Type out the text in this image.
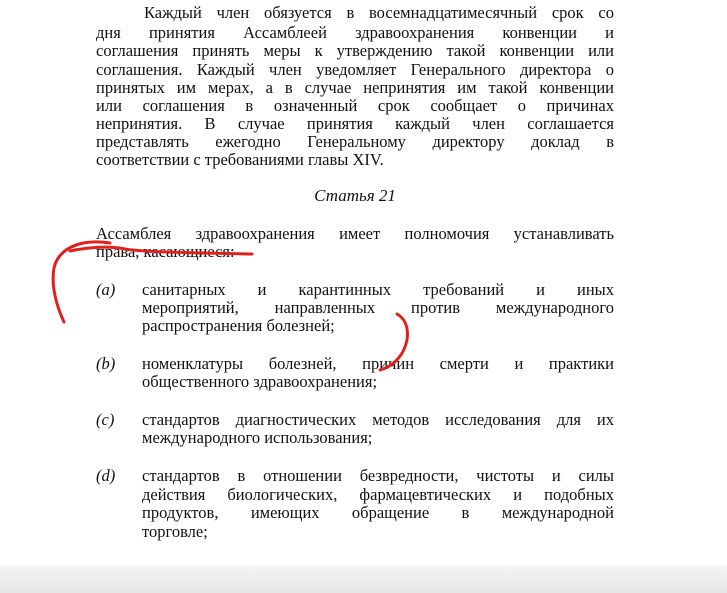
Каждый член обязуется в восемнадцатимесячный срок со
дня принятия Ассамблеей здравоохранения конвенции и
соглашения принять меры к утверждению такой конвенции или
соглашения. Каждый член уведомляет Генерального директора о
принятых им мерах, а в случае непринятия им такой конвенции
или соглашения в означенный срок сообщает о причинах
непринятия. В случае принятия каждый член соглашается
представлять ежегодно Генеральному директору доклад в
соответствии с требованиями главы XIV.
Статья 21
Ассамблея здравоохранения имеет полномочия устанавливать
права, касающиеся:
(a) санитарных и карантинных требований и иных
мероприятий, направленных против международного
распространения болезней;
(b) номенклатуры болезней, причин смерти и практики
общественного здравоохранения;
(c) стандартов диагностических методов исследования для их
международного использования;
(d) стандартов в отношении безвредности, чистоты и силы
действия биологических, фармацевтических и подобных
продуктов, имеющих обращение в международной
торговле;
